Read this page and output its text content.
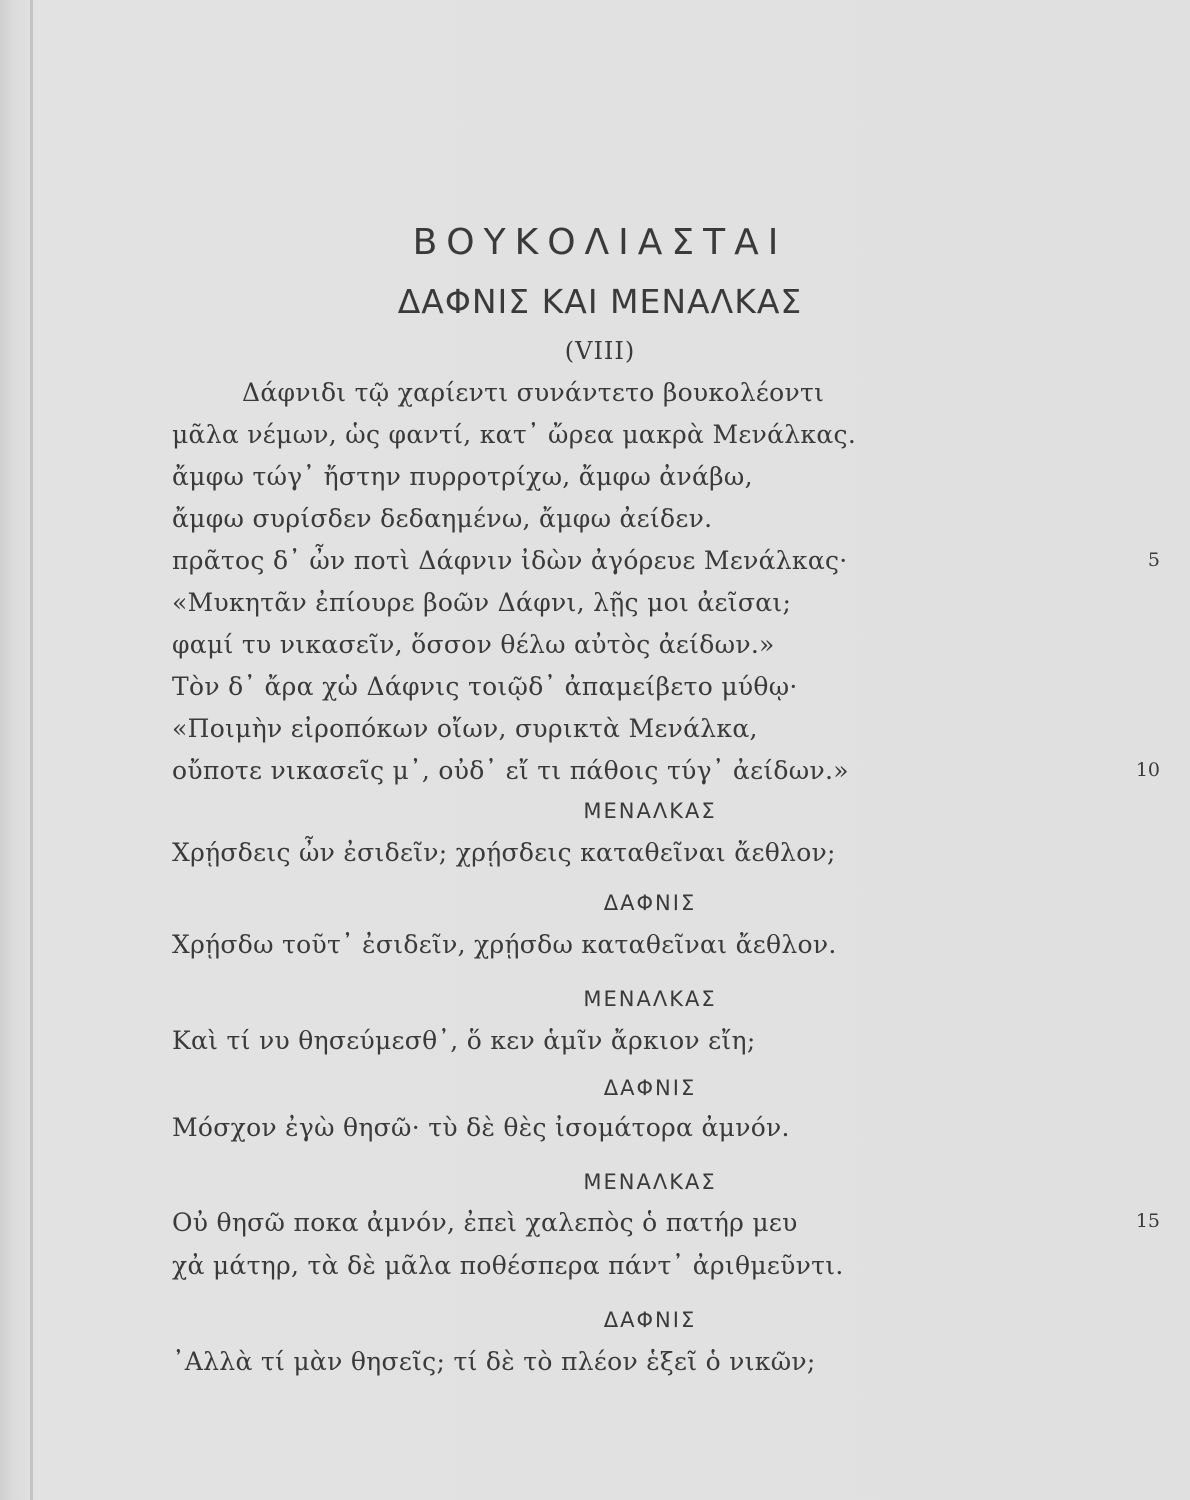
ΒΟΥΚΟΛΙΑΣΤΑΙ
ΔΑΦΝΙΣ ΚΑΙ ΜΕΝΑΛΚΑΣ
(VIII)
Δάφνιδι τῷ χαρίεντι συνάντετο βουκολέοντι
μᾶλα νέμων, ὡς φαντί, κατ᾽ ὤρεα μακρὰ Μενάλκας.
ἄμφω τώγ᾽ ἤστην πυρροτρίχω, ἄμφω ἀνάβω,
ἄμφω συρίσδεν δεδαημένω, ἄμφω ἀείδεν.
πρᾶτος δ᾽ ὦν ποτὶ Δάφνιν ἰδὼν ἀγόρευε Μενάλκας·	5
«Μυκητᾶν ἐπίουρε βοῶν Δάφνι, λῇς μοι ἀεῖσαι;
φαμί τυ νικασεῖν, ὅσσον θέλω αὐτὸς ἀείδων.»
Τὸν δ᾽ ἄρα χὡ Δάφνις τοιῷδ᾽ ἀπαμείβετο μύθῳ·
«Ποιμὴν εἰροπόκων οἴων, συρικτὰ Μενάλκα,
οὔποτε νικασεῖς μ᾽, οὐδ᾽ εἴ τι πάθοις τύγ᾽ ἀείδων.»	10
ΜΕΝΑΛΚΑΣ
Χρῄσδεις ὦν ἐσιδεῖν; χρῄσδεις καταθεῖναι ἄεθλον;
ΔΑΦΝΙΣ
Χρῄσδω τοῦτ᾽ ἐσιδεῖν, χρῄσδω καταθεῖναι ἄεθλον.
ΜΕΝΑΛΚΑΣ
Καὶ τί νυ θησεύμεσθ᾽, ὅ κεν ἁμῖν ἄρκιον εἴη;
ΔΑΦΝΙΣ
Μόσχον ἐγὼ θησῶ· τὺ δὲ θὲς ἰσομάτορα ἀμνόν.
ΜΕΝΑΛΚΑΣ
Οὐ θησῶ ποκα ἀμνόν, ἐπεὶ χαλεπὸς ὁ πατήρ μευ	15
χἀ μάτηρ, τὰ δὲ μᾶλα ποθέσπερα πάντ᾽ ἀριθμεῦντι.
ΔΑΦΝΙΣ
᾽Αλλὰ τί μὰν θησεῖς; τί δὲ τὸ πλέον ἑξεῖ ὁ νικῶν;
